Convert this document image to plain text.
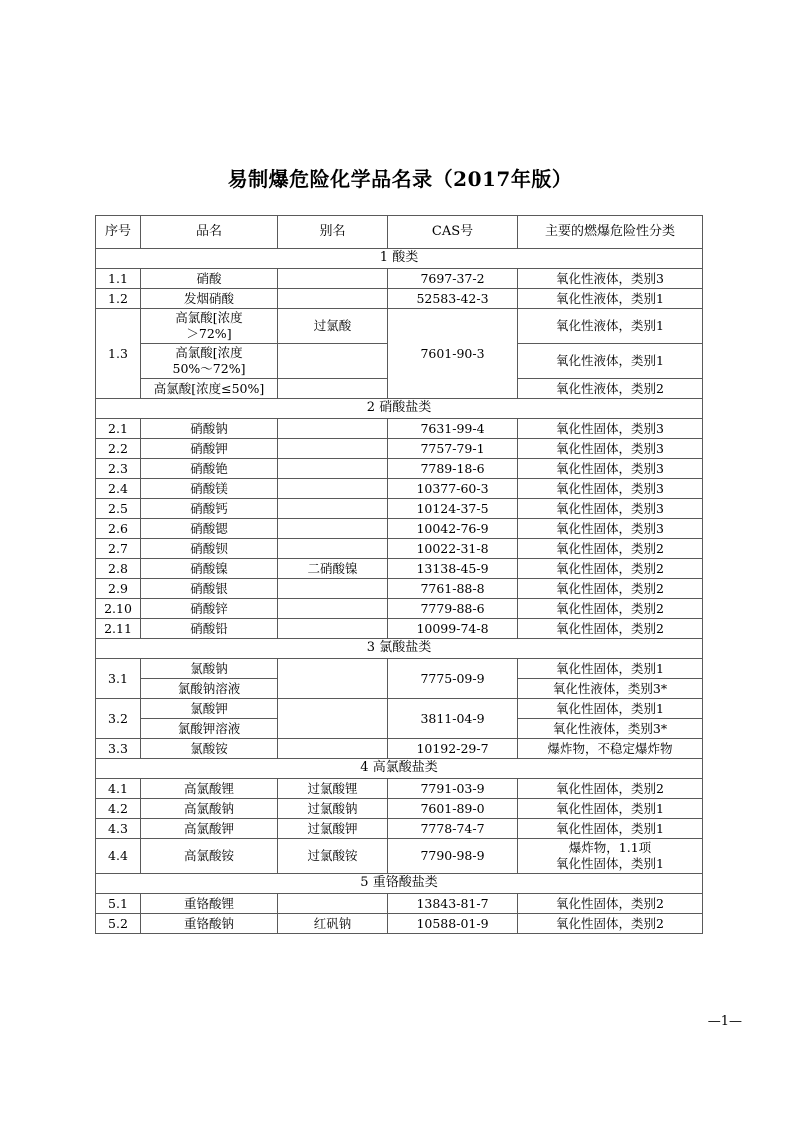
易制爆危险化学品名录（2017年版）
序号	品名	别名	CAS号	主要的燃爆危险性分类
1 酸类				
1.1	硝酸		7697-37-2	氧化性液体，类别3
1.2	发烟硝酸		52583-42-3	氧化性液体，类别1
1.3	高氯酸[浓度
＞72%]	过氯酸	7601-90-3	氧化性液体，类别1

	高氯酸[浓度
50%～72%]			氧化性液体，类别1
	高氯酸[浓度≤50%]			氧化性液体，类别2
2 硝酸盐类				
2.1	硝酸钠		7631-99-4	氧化性固体，类别3
2.2	硝酸钾		7757-79-1	氧化性固体，类别3
2.3	硝酸铯		7789-18-6	氧化性固体，类别3
2.4	硝酸镁		10377-60-3	氧化性固体，类别3
2.5	硝酸钙		10124-37-5	氧化性固体，类别3
2.6	硝酸锶		10042-76-9	氧化性固体，类别3
2.7	硝酸钡		10022-31-8	氧化性固体，类别2
2.8	硝酸镍	二硝酸镍	13138-45-9	氧化性固体，类别2
2.9	硝酸银		7761-88-8	氧化性固体，类别2
2.10	硝酸锌		7779-88-6	氧化性固体，类别2
2.11	硝酸铅		10099-74-8	氧化性固体，类别2
3 氯酸盐类				
3.1	氯酸钠		7775-09-9	氧化性固体，类别1
	氯酸钠溶液			氧化性液体，类别3*
3.2	氯酸钾		3811-04-9	氧化性固体，类别1
	氯酸钾溶液			氧化性液体，类别3*
3.3	氯酸铵		10192-29-7	爆炸物，不稳定爆炸物
4 高氯酸盐类				
4.1	高氯酸锂	过氯酸锂	7791-03-9	氧化性固体，类别2
4.2	高氯酸钠	过氯酸钠	7601-89-0	氧化性固体，类别1
4.3	高氯酸钾	过氯酸钾	7778-74-7	氧化性固体，类别1
4.4	高氯酸铵	过氯酸铵	7790-98-9	爆炸物，1.1项
氧化性固体，类别1

5 重铬酸盐类				
5.1	重铬酸锂		13843-81-7	氧化性固体，类别2
5.2	重铬酸钠	红矾钠	10588-01-9	氧化性固体，类别2
—1—
